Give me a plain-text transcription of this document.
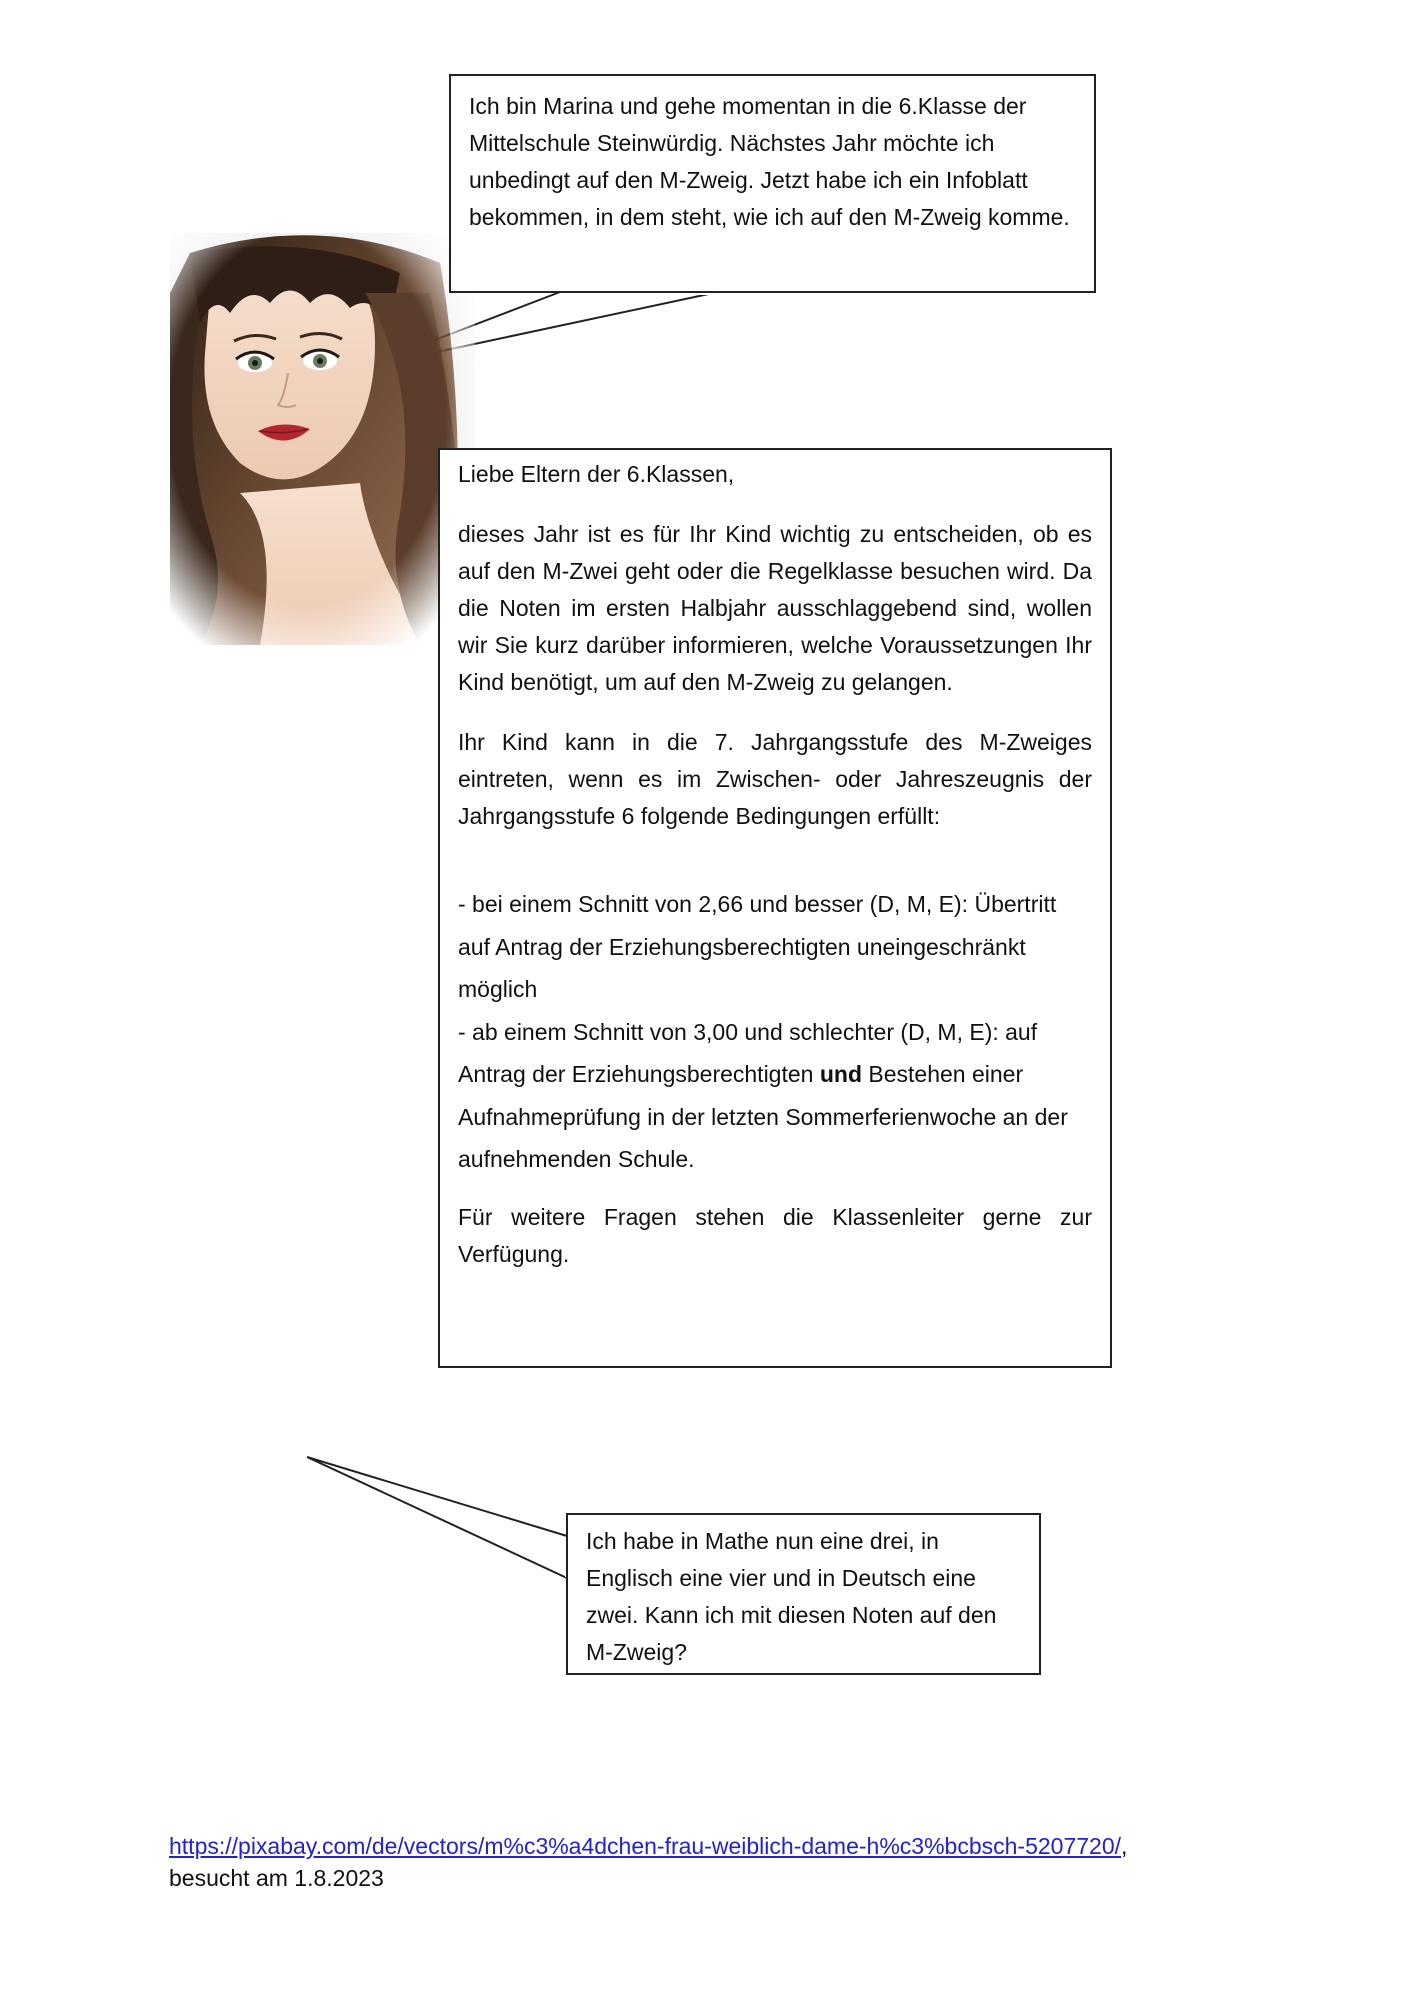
Ich bin Marina und gehe momentan in die 6.Klasse der Mittelschule Steinwürdig. Nächstes Jahr möchte ich unbedingt auf den M-Zweig. Jetzt habe ich ein Infoblatt bekommen, in dem steht, wie ich auf den M-Zweig komme.

Liebe Eltern der 6.Klassen,

dieses Jahr ist es für Ihr Kind wichtig zu entscheiden, ob es auf den M-Zwei geht oder die Regelklasse besuchen wird. Da die Noten im ersten Halbjahr ausschlaggebend sind, wollen wir Sie kurz darüber informieren, welche Voraussetzungen Ihr Kind benötigt, um auf den M-Zweig zu gelangen.

Ihr Kind kann in die 7. Jahrgangsstufe des M-Zweiges eintreten, wenn es im Zwischen- oder Jahreszeugnis der Jahrgangsstufe 6 folgende Bedingungen erfüllt:

- bei einem Schnitt von 2,66 und besser (D, M, E): Übertritt auf Antrag der Erziehungsberechtigten uneingeschränkt möglich
- ab einem Schnitt von 3,00 und schlechter (D, M, E): auf Antrag der Erziehungsberechtigten und Bestehen einer Aufnahmeprüfung in der letzten Sommerferienwoche an der aufnehmenden Schule.

Für weitere Fragen stehen die Klassenleiter gerne zur Verfügung.

Ich habe in Mathe nun eine drei, in Englisch eine vier und in Deutsch eine zwei. Kann ich mit diesen Noten auf den M-Zweig?
https://pixabay.com/de/vectors/m%c3%a4dchen-frau-weiblich-dame-h%c3%bcbsch-5207720/,
besucht am 1.8.2023
